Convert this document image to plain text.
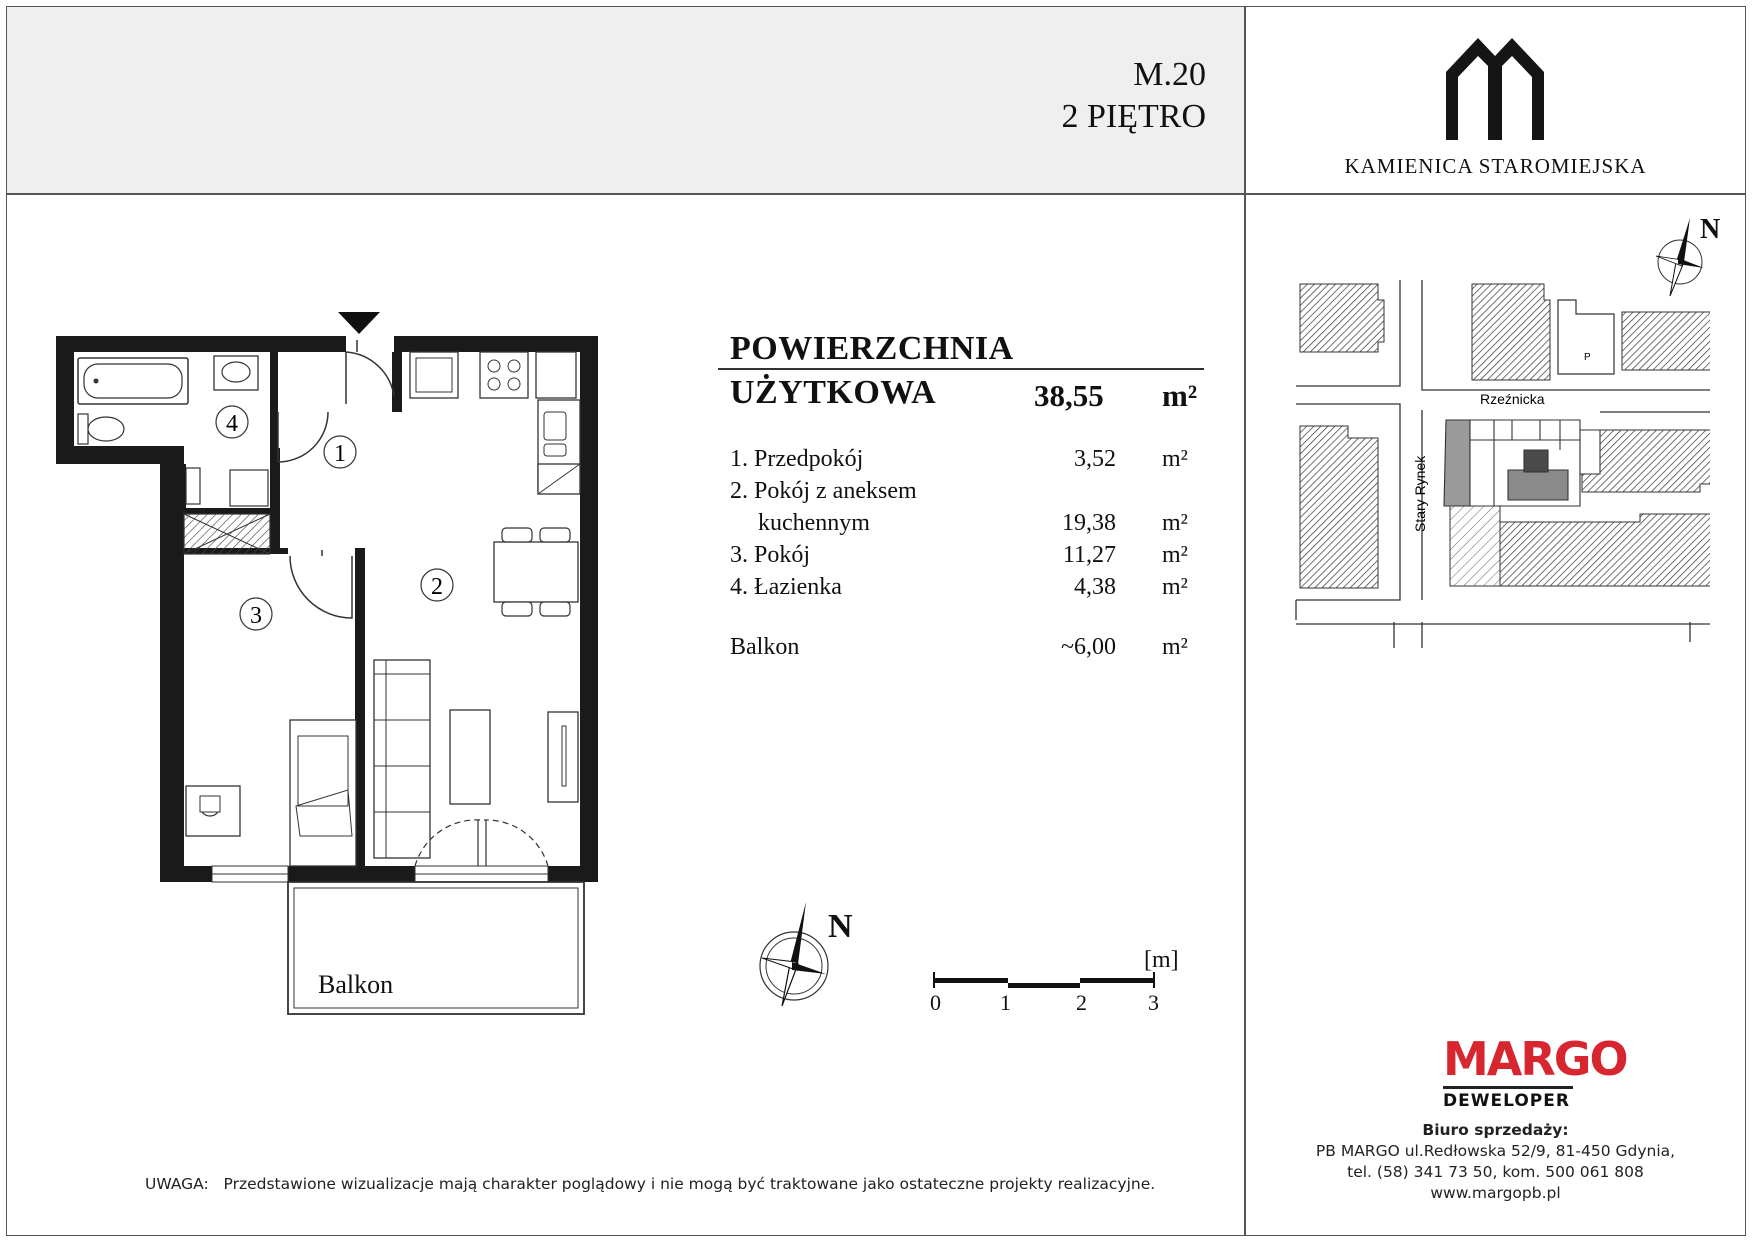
M.20
2 PIĘTRO
KAMIENICA STAROMIEJSKA
1
2
3
4
Balkon
POWIERZCHNIA
UŻYTKOWA	38,55 m²
1. Przedpokój	3,52 m²
2. Pokój z aneksem
kuchennym	19,38 m²
3. Pokój	11,27 m²
4. Łazienka	4,38 m²
Balkon	~6,00 m²
N
[m]
0	1	2	3
P
Rzeźnicka
Stary Rynek
N
MARGO
DEWELOPER
Biuro sprzedaży:
PB MARGO ul.Redłowska 52/9, 81-450 Gdynia,
tel. (58) 341 73 50, kom. 500 061 808
www.margopb.pl
UWAGA:   Przedstawione wizualizacje mają charakter poglądowy i nie mogą być traktowane jako ostateczne projekty realizacyjne.
